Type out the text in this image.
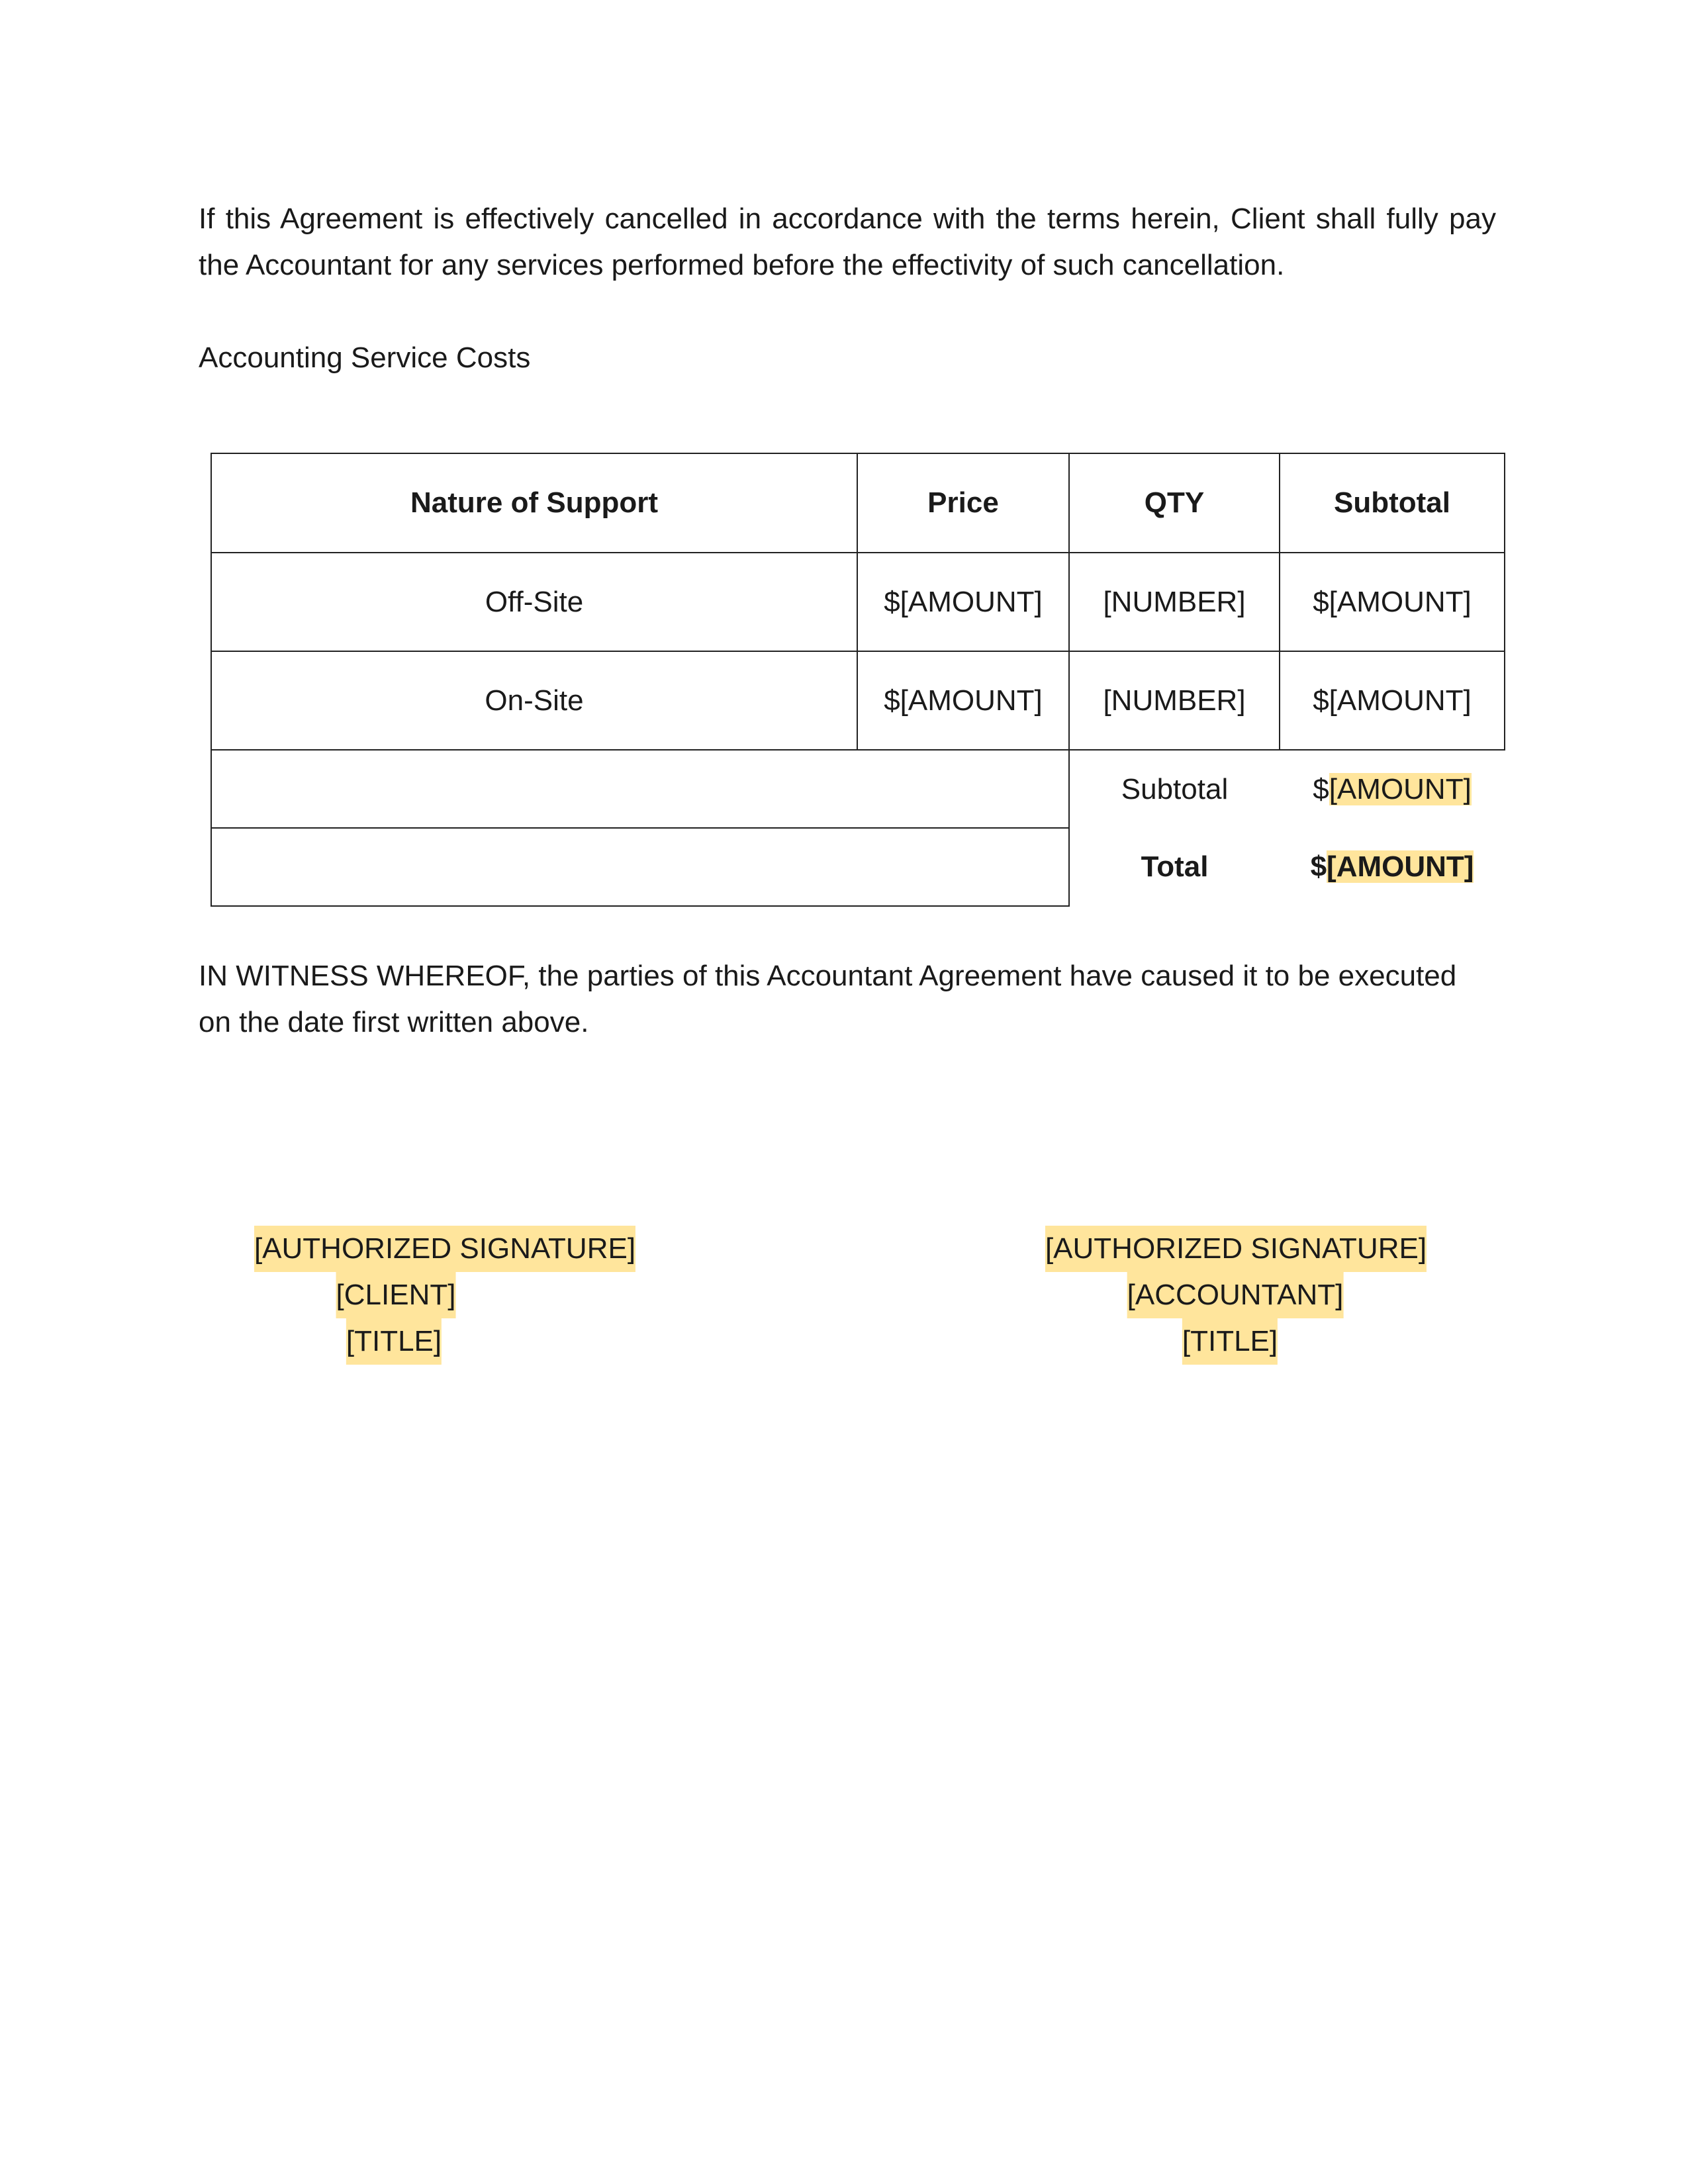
If this Agreement is effectively cancelled in accordance with the terms herein, Client shall fully pay the Accountant for any services performed before the effectivity of such cancellation.

Accounting Service Costs

Nature of Support	Price	QTY	Subtotal
Off-Site	$[AMOUNT]	[NUMBER]	$[AMOUNT]
On-Site	$[AMOUNT]	[NUMBER]	$[AMOUNT]
		Subtotal	$[AMOUNT]
		Total	$[AMOUNT]

IN WITNESS WHEREOF, the parties of this Accountant Agreement have caused it to be executed on the date first written above.

[AUTHORIZED SIGNATURE]
[CLIENT]
[TITLE]
[AUTHORIZED SIGNATURE]
[ACCOUNTANT]
[TITLE]
